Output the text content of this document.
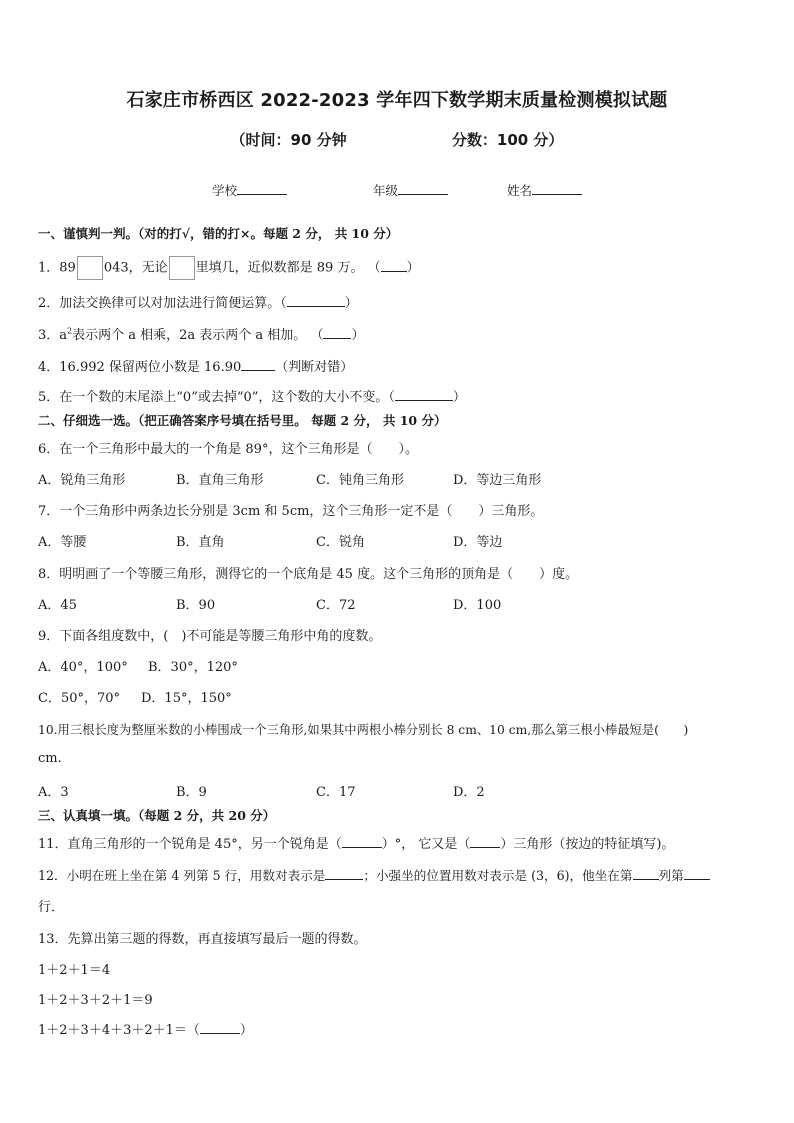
石家庄市桥西区 2022-2023 学年四下数学期末质量检测模拟试题
（时间：90 分钟	分数：100 分）
学校	年级	姓名
一、谨慎判一判。（对的打√，错的打×。每题 2 分， 共 10 分）
1．89 043，无论 里填几，近似数都是 89 万。 （ ）
2．加法交换律可以对加法进行简便运算。（	）
3．$a^2$表示两个 a 相乘，2a 表示两个 a 相加。 （ ）
4．16.992 保留两位小数是 16.90	（判断对错）
5．在一个数的末尾添上“0”或去掉“0”，这个数的大小不变。（	）
二、仔细选一选。（把正确答案序号填在括号里。 每题 2 分， 共 10 分）
6．在一个三角形中最大的一个角是 89°，这个三角形是（　　）。
A．锐角三角形	B．直角三角形	C．钝角三角形	D．等边三角形
7．一个三角形中两条边长分别是 3cm 和 5cm，这个三角形一定不是（　　）三角形。
A．等腰	B．直角	C．锐角	D．等边
8．明明画了一个等腰三角形，测得它的一个底角是 45 度。这个三角形的顶角是（　　）度。
A．45	B．90	C．72	D．100
9．下面各组度数中，(　)不可能是等腰三角形中角的度数。
A．40°，100° B．30°，120°
C．50°，70° D．15°，150°
10.用三根长度为整厘米数的小棒围成一个三角形,如果其中两根小棒分别长 8 cm、10 cm,那么第三根小棒最短是(　　)
cm.
A．3	B．9	C．17	D．2
三、认真填一填。（每题 2 分，共 20 分）
11．直角三角形的一个锐角是 45°，另一个锐角是（	）°， 它又是（ ）三角形（按边的特征填写)。
12．小明在班上坐在第 4 列第 5 行，用数对表示是	；小强坐的位置用数对表示是 (3，6)，他坐在第 列第
行．
13．先算出第三题的得数，再直接填写最后一题的得数。
1＋2＋1＝4
1＋2＋3＋2＋1＝9
1＋2＋3＋4＋3＋2＋1＝（	）
